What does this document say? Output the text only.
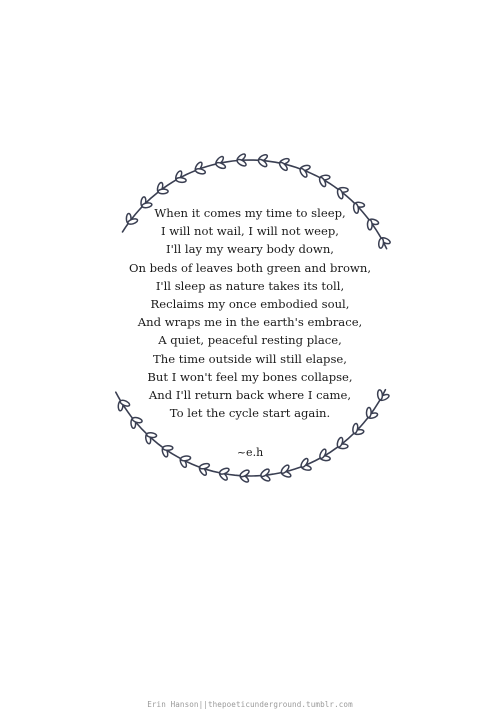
When it comes my time to sleep,
I will not wail, I will not weep,
I'll lay my weary body down,
On beds of leaves both green and brown,
I'll sleep as nature takes its toll,
Reclaims my once embodied soul,
And wraps me in the earth's embrace,
A quiet, peaceful resting place,
The time outside will still elapse,
But I won't feel my bones collapse,
And I'll return back where I came,
To let the cycle start again.
~e.h
Erin Hanson||thepoeticunderground.tumblr.com
